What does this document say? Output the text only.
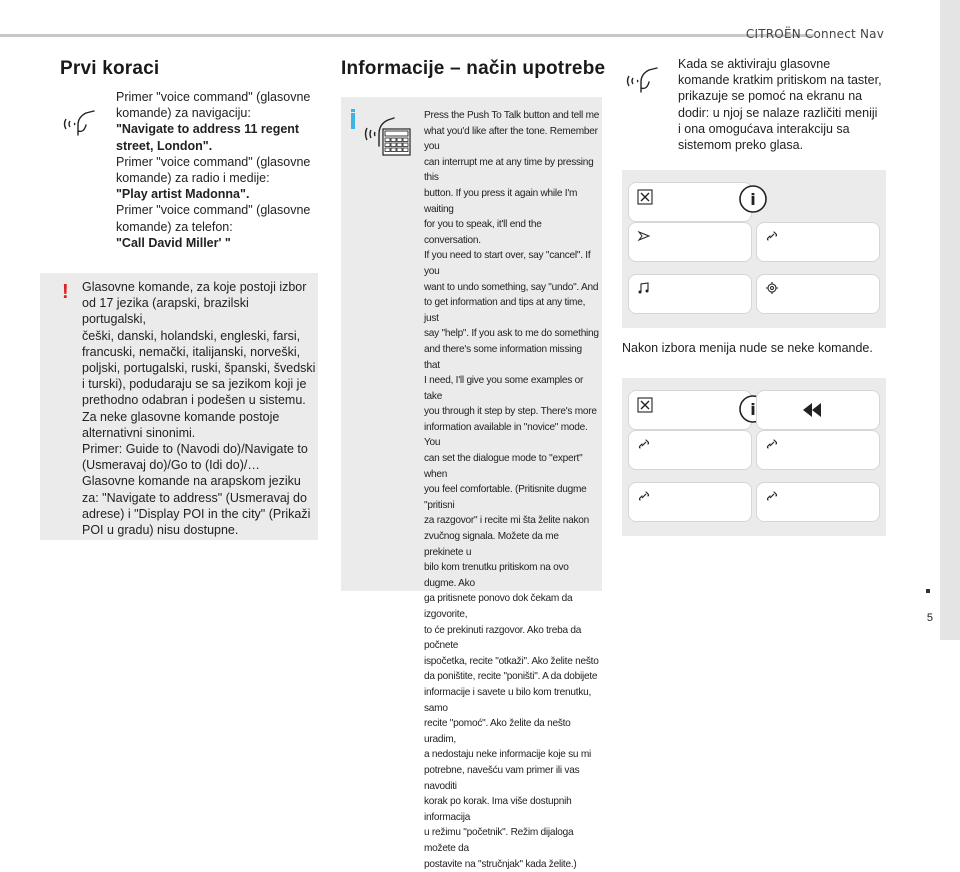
CITROËN Connect Nav
5
Prvi koraci

Primer "voice command" (glasovne

komande) za navigaciju:

"Navigate to address 11 regent

street, London".

Primer "voice command" (glasovne

komande) za radio i medije:

"Play artist Madonna".

Primer "voice command" (glasovne

komande) za telefon:

"Call David Miller' "

! Glasovne komande, za koje postoji izbor

od 17 jezika (arapski, brazilski portugalski,

češki, danski, holandski, engleski, farsi,

francuski, nemački, italijanski, norveški,

poljski, portugalski, ruski, španski, švedski

i turski), podudaraju se sa jezikom koji je

prethodno odabran i podešen u sistemu.

Za neke glasovne komande postoje

alternativni sinonimi.

Primer: Guide to (Navodi do)/Navigate to

(Usmeravaj do)/Go to (Idi do)/…

Glasovne komande na arapskom jeziku

za: "Navigate to address" (Usmeravaj do

adrese) i "Display POI in the city" (Prikaži

POI u gradu) nisu dostupne.

Informacije – način upotrebe

Press the Push To Talk button and tell me

what you'd like after the tone. Remember you

can interrupt me at any time by pressing this

button. If you press it again while I'm waiting

for you to speak, it'll end the conversation.

If you need to start over, say "cancel". If you

want to undo something, say "undo". And

to get information and tips at any time, just

say "help". If you ask to me do something

and there's some information missing that

I need, I'll give you some examples or take

you through it step by step. There's more

information available in "novice" mode. You

can set the dialogue mode to "expert" when

you feel comfortable. (Pritisnite dugme "pritisni

za razgovor" i recite mi šta želite nakon

zvučnog signala. Možete da me prekinete u

bilo kom trenutku pritiskom na ovo dugme. Ako

ga pritisnete ponovo dok čekam da izgovorite,

to će prekinuti razgovor. Ako treba da počnete

ispočetka, recite "otkaži". Ako želite nešto

da poništite, recite "poništi". A da dobijete

informacije i savete u bilo kom trenutku, samo

recite "pomoć". Ako želite da nešto uradim,

a nedostaju neke informacije koje su mi

potrebne, navešću vam primer ili vas navoditi

korak po korak. Ima više dostupnih informacija

u režimu "početnik". Režim dijaloga možete da

postavite na "stručnjak" kada želite.)

Kada se aktiviraju glasovne

komande kratkim pritiskom na taster,

prikazuje se pomoć na ekranu na

dodir: u njoj se nalaze različiti meniji

i ona omogućava interakciju sa

sistemom preko glasa.

i
Nakon izbora menija nude se neke komande.
i
